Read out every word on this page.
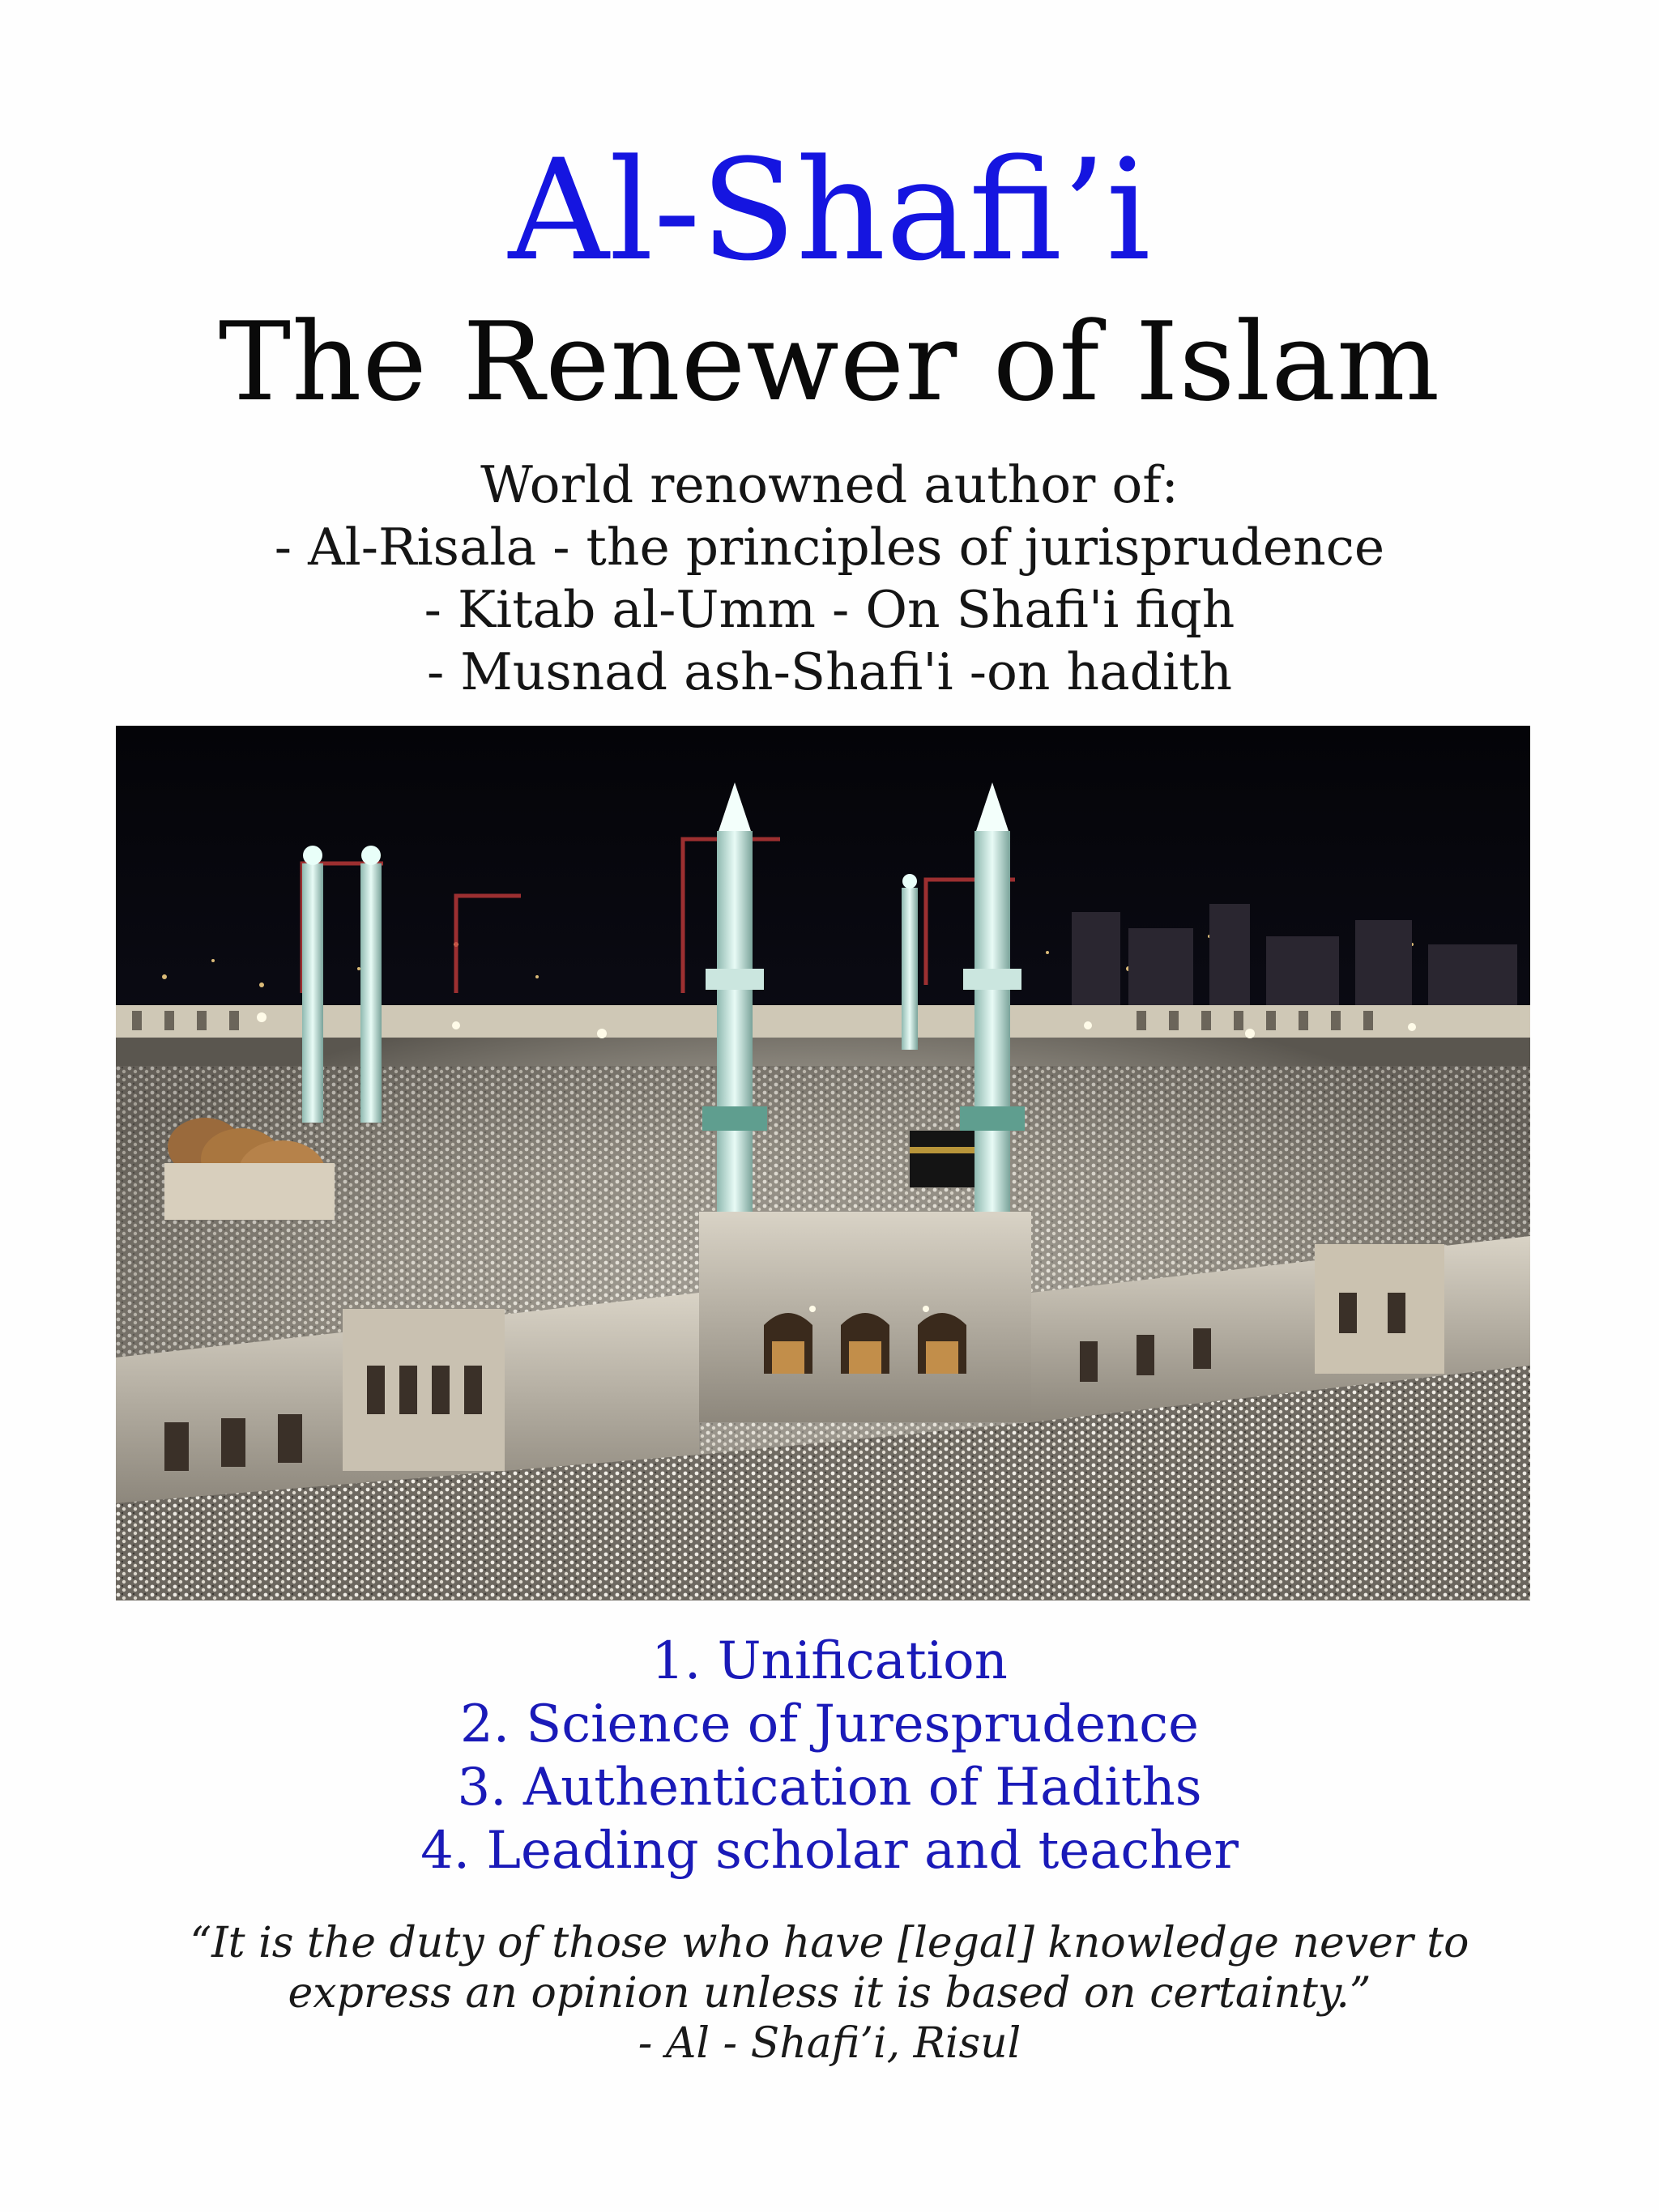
Al-Shafi’i
The Renewer of Islam
World renowned author of:
- Al-Risala - the principles of jurisprudence
- Kitab al-Umm - On Shafi'i fiqh
- Musnad ash-Shafi'i -on hadith
1. Unification
2. Science of Juresprudence
3. Authentication of Hadiths
4. Leading scholar and teacher
“It is the duty of those who have [legal] knowledge never to
express an opinion unless it is based on certainty.”
- Al - Shafi’i, Risul
